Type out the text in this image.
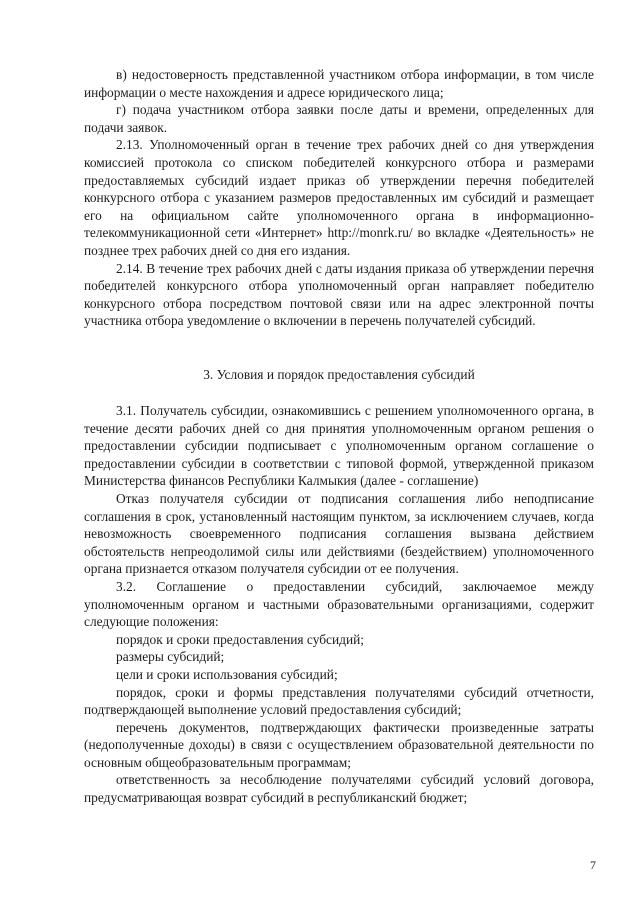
в) недостоверность представленной участником отбора информации, в том числе информации о месте нахождения и адресе юридического лица;

г) подача участником отбора заявки после даты и времени, определенных для подачи заявок.

2.13. Уполномоченный орган в течение трех рабочих дней со дня утверждения комиссией протокола со списком победителей конкурсного отбора и размерами предоставляемых субсидий издает приказ об утверждении перечня победителей конкурсного отбора с указанием размеров предоставленных им субсидий и размещает его на официальном сайте уполномоченного органа в информационно-телекоммуникационной сети «Интернет» http://monrk.ru/ во вкладке «Деятельность» не позднее трех рабочих дней со дня его издания.

2.14. В течение трех рабочих дней с даты издания приказа об утверждении перечня победителей конкурсного отбора уполномоченный орган направляет победителю конкурсного отбора посредством почтовой связи или на адрес электронной почты участника отбора уведомление о включении в перечень получателей субсидий.

3. Условия и порядок предоставления субсидий

3.1. Получатель субсидии, ознакомившись с решением уполномоченного органа, в течение десяти рабочих дней со дня принятия уполномоченным органом решения о предоставлении субсидии подписывает с уполномоченным органом соглашение о предоставлении субсидии в соответствии с типовой формой, утвержденной приказом Министерства финансов Республики Калмыкия (далее - соглашение)

Отказ получателя субсидии от подписания соглашения либо неподписание соглашения в срок, установленный настоящим пунктом, за исключением случаев, когда невозможность своевременного подписания соглашения вызвана действием обстоятельств непреодолимой силы или действиями (бездействием) уполномоченного органа признается отказом получателя субсидии от ее получения.

3.2. Соглашение о предоставлении субсидий, заключаемое между уполномоченным органом и частными образовательными организациями, содержит следующие положения:

порядок и сроки предоставления субсидий;

размеры субсидий;

цели и сроки использования субсидий;

порядок, сроки и формы представления получателями субсидий отчетности, подтверждающей выполнение условий предоставления субсидий;

перечень документов, подтверждающих фактически произведенные затраты (недополученные доходы) в связи с осуществлением образовательной деятельности по основным общеобразовательным программам;

ответственность за несоблюдение получателями субсидий условий договора, предусматривающая возврат субсидий в республиканский бюджет;

7
